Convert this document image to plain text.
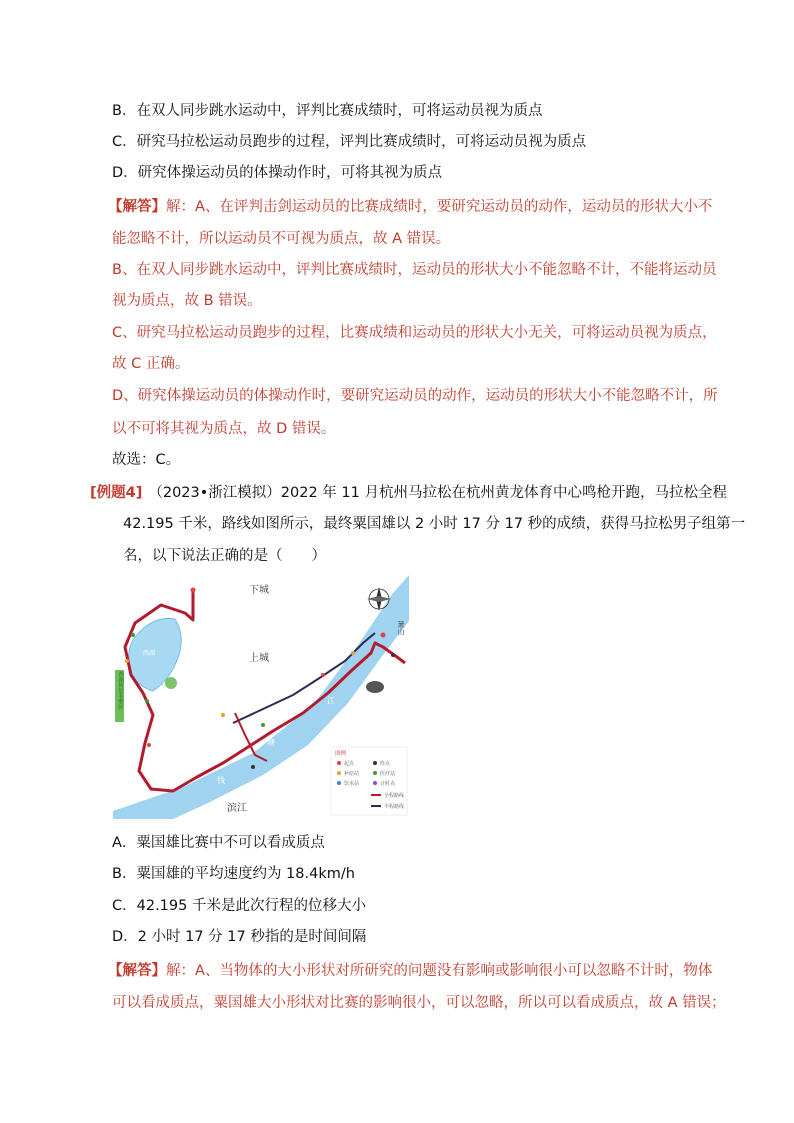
B．在双人同步跳水运动中，评判比赛成绩时，可将运动员视为质点
C．研究马拉松运动员跑步的过程，评判比赛成绩时，可将运动员视为质点
D．研究体操运动员的体操动作时，可将其视为质点
【解答】解：A、在评判击剑运动员的比赛成绩时，要研究运动员的动作，运动员的形状大小不
能忽略不计，所以运动员不可视为质点，故 A 错误。
B、在双人同步跳水运动中，评判比赛成绩时，运动员的形状大小不能忽略不计，不能将运动员
视为质点，故 B 错误。
C、研究马拉松运动员跑步的过程，比赛成绩和运动员的形状大小无关，可将运动员视为质点，
故 C 正确。
D、研究体操运动员的体操动作时，要研究运动员的动作，运动员的形状大小不能忽略不计，所
以不可将其视为质点，故 D 错误。
故选：C。
[例题4] （2023•浙江模拟）2022 年 11 月杭州马拉松在杭州黄龙体育中心鸣枪开跑，马拉松全程
42.195 千米，路线如图所示，最终粟国雄以 2 小时 17 分 17 秒的成绩，获得马拉松男子组第一
名，以下说法正确的是（　　）
下城
上城
滨江
西湖
萧山
西湖风景名胜区
钱
塘
江
图例
起点	终点
补给站	医疗站
饮水站	计时点
全程路线
半程路线
A．粟国雄比赛中不可以看成质点
B．粟国雄的平均速度约为 18.4km/h
C．42.195 千米是此次行程的位移大小
D．2 小时 17 分 17 秒指的是时间间隔
【解答】解：A、当物体的大小形状对所研究的问题没有影响或影响很小可以忽略不计时，物体
可以看成质点，粟国雄大小形状对比赛的影响很小，可以忽略，所以可以看成质点，故 A 错误；
